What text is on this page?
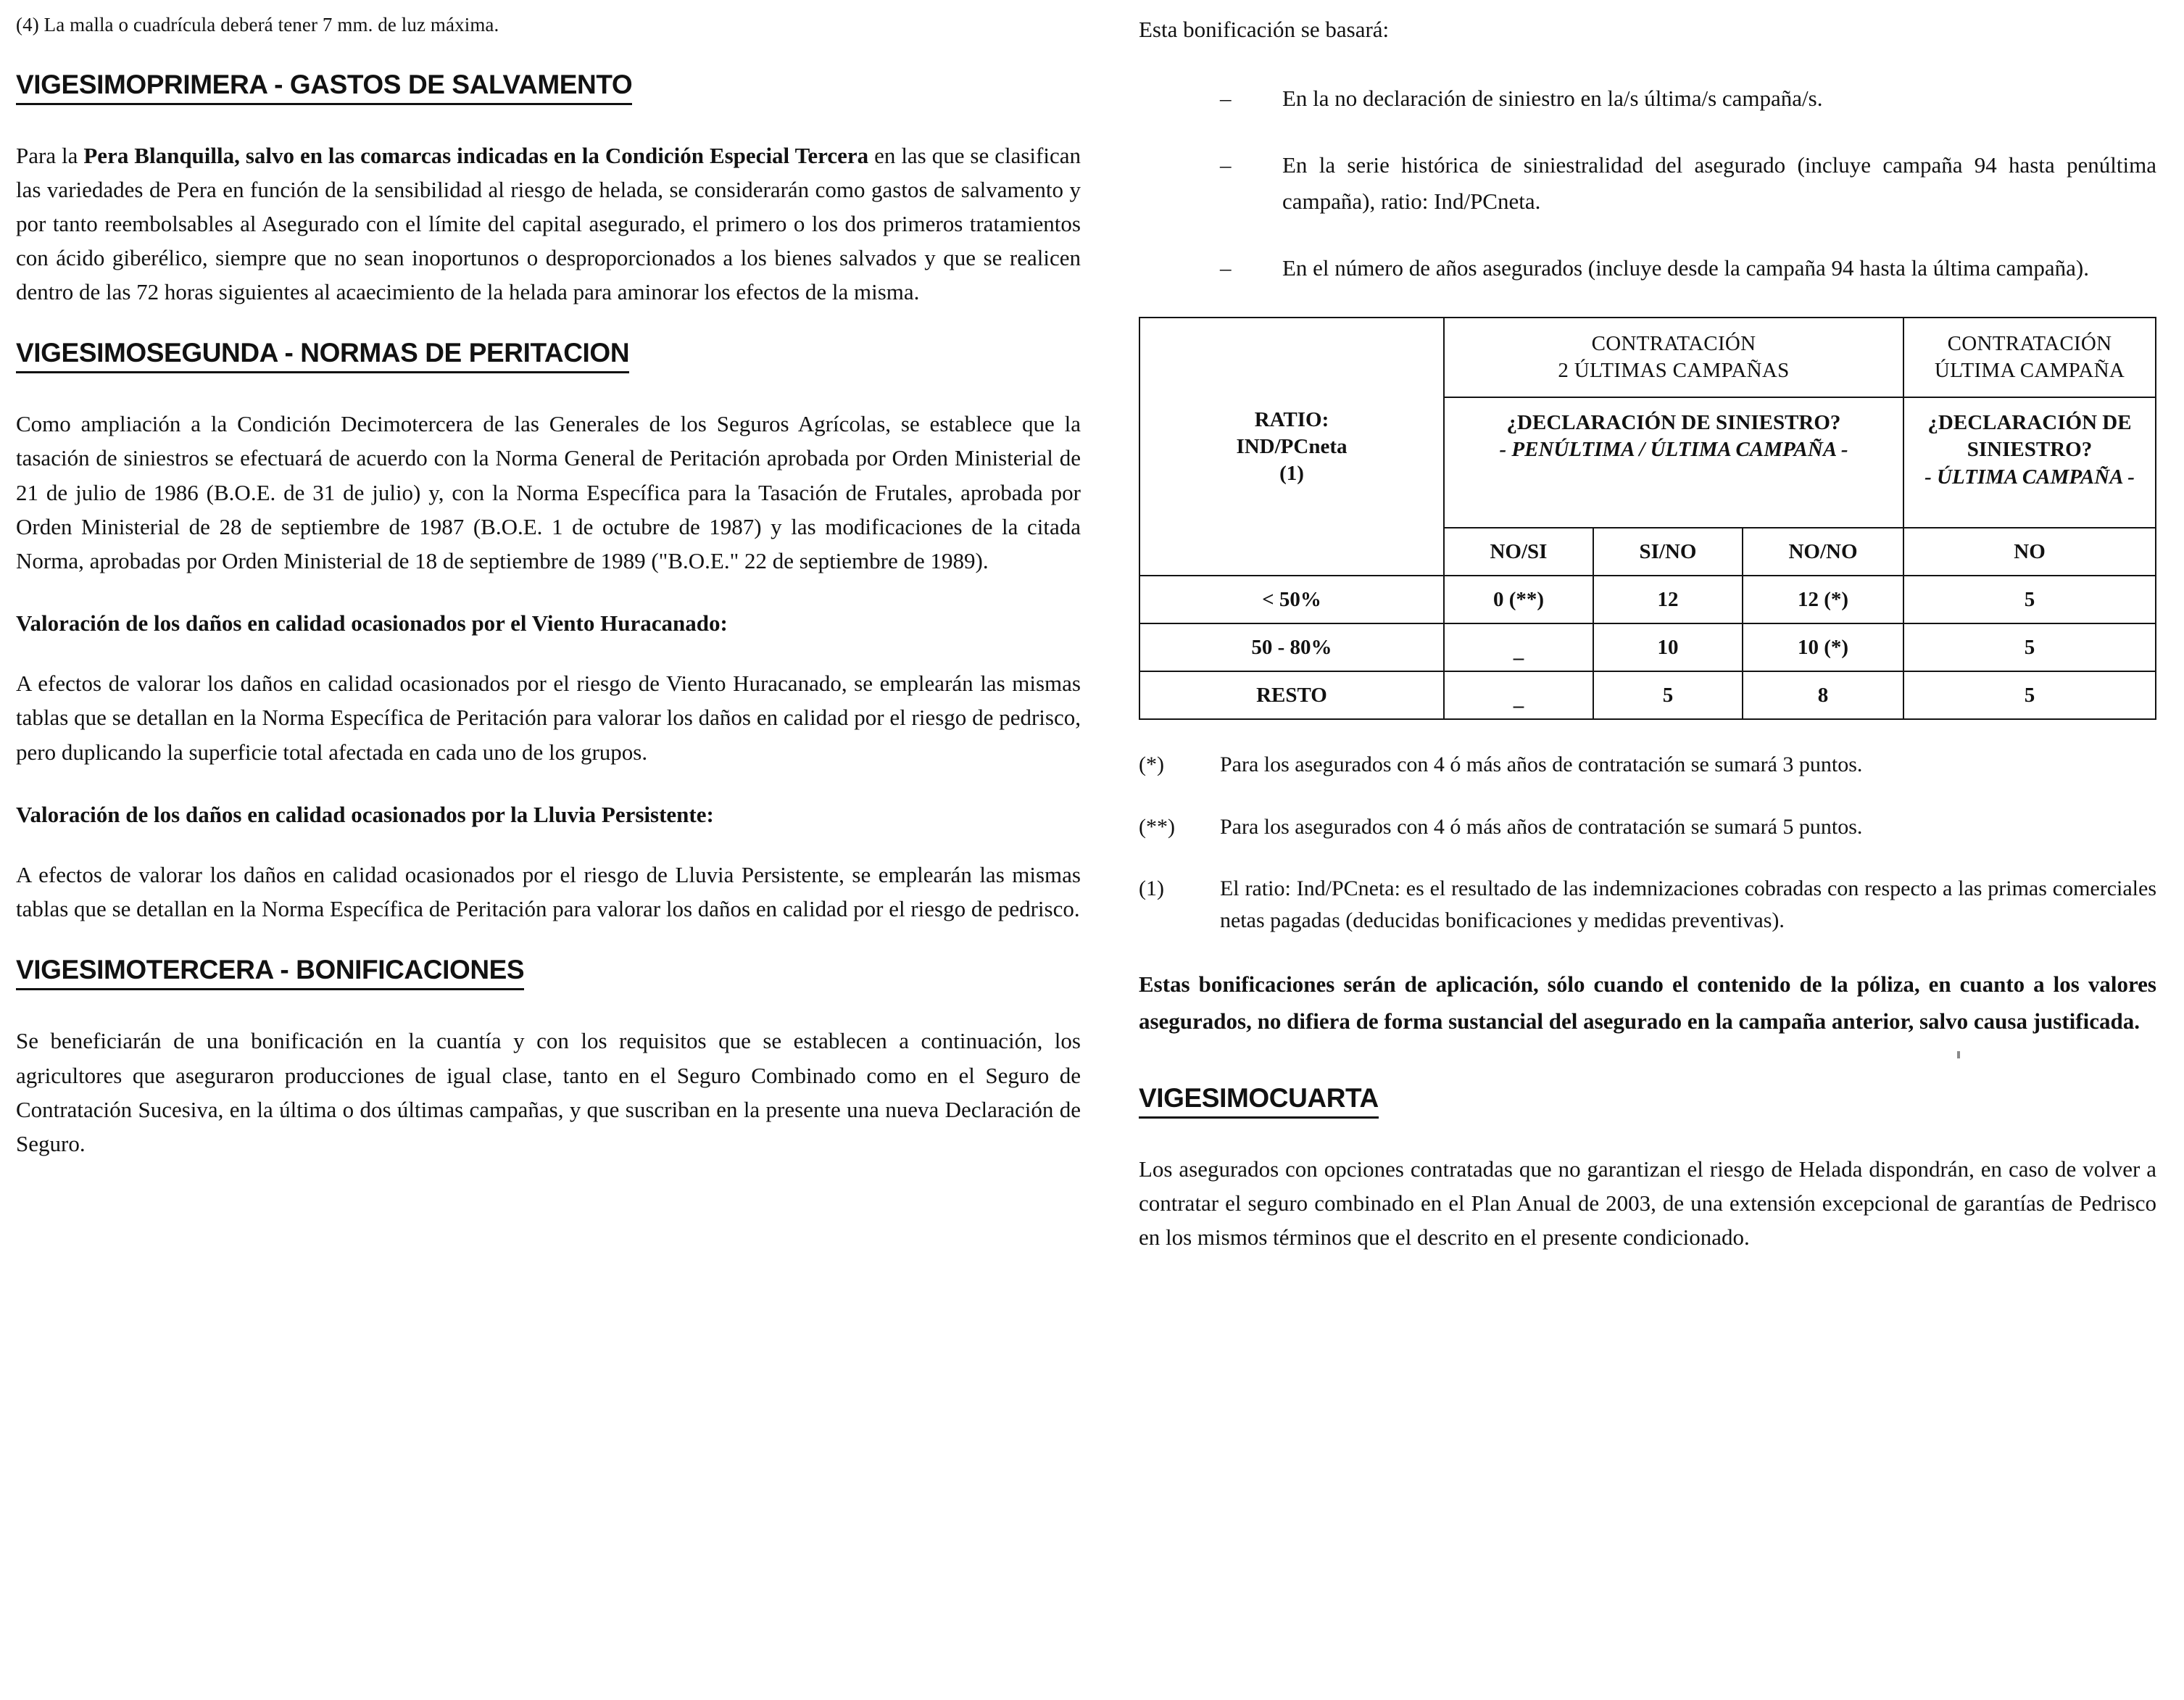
(4) La malla o cuadrícula deberá tener 7 mm. de luz máxima.

VIGESIMOPRIMERA - GASTOS DE SALVAMENTO

Para la Pera Blanquilla, salvo en las comarcas indicadas en la Condición Especial Tercera en las que se clasifican las variedades de Pera en función de la sensibilidad al riesgo de helada, se considerarán como gastos de salvamento y por tanto reembolsables al Asegurado con el límite del capital asegurado, el primero o los dos primeros tratamientos con ácido giberélico, siempre que no sean inoportunos o desproporcionados a los bienes salvados y que se realicen dentro de las 72 horas siguientes al acaecimiento de la helada para aminorar los efectos de la misma.

VIGESIMOSEGUNDA - NORMAS DE PERITACION

Como ampliación a la Condición Decimotercera de las Generales de los Seguros Agrícolas, se establece que la tasación de siniestros se efectuará de acuerdo con la Norma General de Peritación aprobada por Orden Ministerial de 21 de julio de 1986 (B.O.E. de 31 de julio) y, con la Norma Específica para la Tasación de Frutales, aprobada por Orden Ministerial de 28 de septiembre de 1987 (B.O.E. 1 de octubre de 1987) y las modificaciones de la citada Norma, aprobadas por Orden Ministerial de 18 de septiembre de 1989 ("B.O.E." 22 de septiembre de 1989).

Valoración de los daños en calidad ocasionados por el Viento Huracanado:

A efectos de valorar los daños en calidad ocasionados por el riesgo de Viento Huracanado, se emplearán las mismas tablas que se detallan en la Norma Específica de Peritación para valorar los daños en calidad por el riesgo de pedrisco, pero duplicando la superficie total afectada en cada uno de los grupos.

Valoración de los daños en calidad ocasionados por la Lluvia Persistente:

A efectos de valorar los daños en calidad ocasionados por el riesgo de Lluvia Persistente, se emplearán las mismas tablas que se detallan en la Norma Específica de Peritación para valorar los daños en calidad por el riesgo de pedrisco.

VIGESIMOTERCERA - BONIFICACIONES

Se beneficiarán de una bonificación en la cuantía y con los requisitos que se establecen a continuación, los agricultores que aseguraron producciones de igual clase, tanto en el Seguro Combinado como en el Seguro de Contratación Sucesiva, en la última o dos últimas campañas, y que suscriban en la presente una nueva Declaración de Seguro.

Esta bonificación se basará:

– En la no declaración de siniestro en la/s última/s campaña/s.
– En la serie histórica de siniestralidad del asegurado (incluye campaña 94 hasta penúltima campaña), ratio: Ind/PCneta.
– En el número de años asegurados (incluye desde la campaña 94 hasta la última campaña).
RATIO:
IND/PCneta
(1)	CONTRATACIÓN
2 ÚLTIMAS CAMPAÑAS			CONTRATACIÓN
ÚLTIMA CAMPAÑA
	¿DECLARACIÓN DE SINIESTRO?
- PENÚLTIMA / ÚLTIMA CAMPAÑA -			¿DECLARACIÓN DE
SINIESTRO?
- ÚLTIMA CAMPAÑA -

	NO/SI	SI/NO	NO/NO	NO
< 50%	0 (**)	12	12 (*)	5
50 - 80%	–	10	10 (*)	5
RESTO	–	5	8	5
(*)	Para los asegurados con 4 ó más años de contratación se sumará 3 puntos.
(**)	Para los asegurados con 4 ó más años de contratación se sumará 5 puntos.
(1)	El ratio: Ind/PCneta: es el resultado de las indemnizaciones cobradas con respecto a las primas comerciales netas pagadas (deducidas bonificaciones y medidas preventivas).

Estas bonificaciones serán de aplicación, sólo cuando el contenido de la póliza, en cuanto a los valores asegurados, no difiera de forma sustancial del asegurado en la campaña anterior, salvo causa justificada.

VIGESIMOCUARTA

Los asegurados con opciones contratadas que no garantizan el riesgo de Helada dispondrán, en caso de volver a contratar el seguro combinado en el Plan Anual de 2003, de una extensión excepcional de garantías de Pedrisco en los mismos términos que el descrito en el presente condicionado.
